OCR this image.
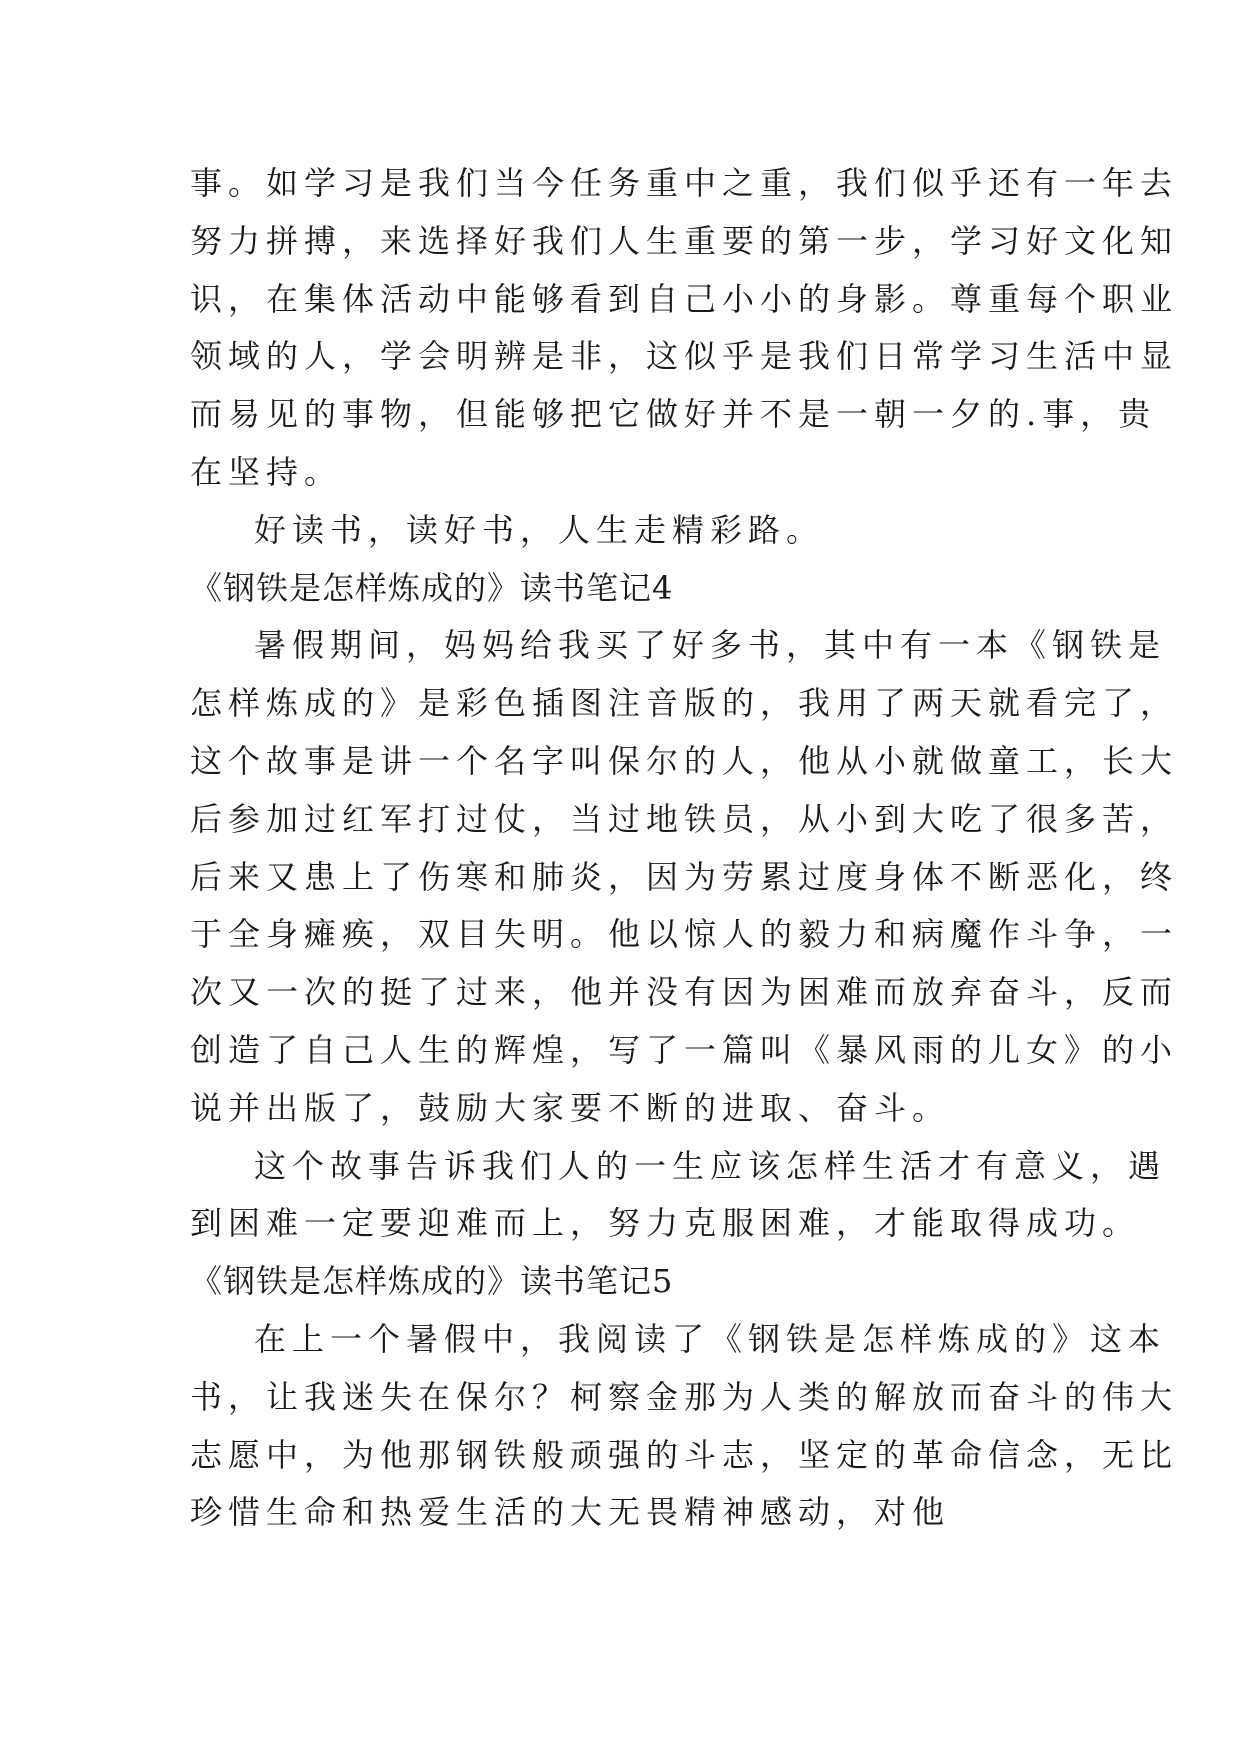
事。如学习是我们当今任务重中之重，我们似乎还有一年去
努力拼搏，来选择好我们人生重要的第一步，学习好文化知
识，在集体活动中能够看到自己小小的身影。尊重每个职业
领域的人，学会明辨是非，这似乎是我们日常学习生活中显
而易见的事物，但能够把它做好并不是一朝一夕的.事，贵
在坚持。
好读书，读好书，人生走精彩路。
《钢铁是怎样炼成的》读书笔记4
暑假期间，妈妈给我买了好多书，其中有一本《钢铁是
怎样炼成的》是彩色插图注音版的，我用了两天就看完了，
这个故事是讲一个名字叫保尔的人，他从小就做童工，长大
后参加过红军打过仗，当过地铁员，从小到大吃了很多苦，
后来又患上了伤寒和肺炎，因为劳累过度身体不断恶化，终
于全身瘫痪，双目失明。他以惊人的毅力和病魔作斗争，一
次又一次的挺了过来，他并没有因为困难而放弃奋斗，反而
创造了自己人生的辉煌，写了一篇叫《暴风雨的儿女》的小
说并出版了，鼓励大家要不断的进取、奋斗。
这个故事告诉我们人的一生应该怎样生活才有意义，遇
到困难一定要迎难而上，努力克服困难，才能取得成功。
《钢铁是怎样炼成的》读书笔记5
在上一个暑假中，我阅读了《钢铁是怎样炼成的》这本
书，让我迷失在保尔？柯察金那为人类的解放而奋斗的伟大
志愿中，为他那钢铁般顽强的斗志，坚定的革命信念，无比
珍惜生命和热爱生活的大无畏精神感动，对他
